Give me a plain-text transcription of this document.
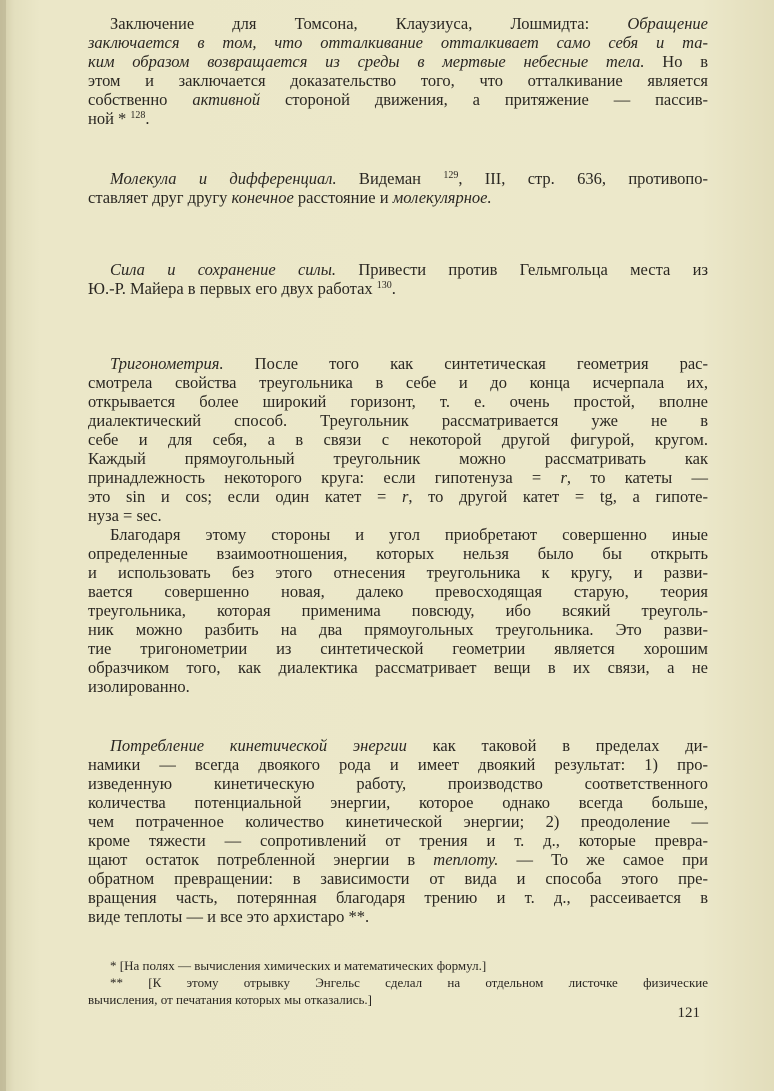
Заключение для Томсона, Клаузиуса, Лошмидта: Обращение
заключается в том, что отталкивание отталкивает само себя и та-
ким образом возвращается из среды в мертвые небесные тела. Но в
этом и заключается доказательство того, что отталкивание является
собственно активной стороной движения, а притяжение — пассив-
ной * $^{128}$.
Молекула и дифференциал. Видеман $^{129}$, III, стр. 636, противопо-
ставляет друг другу конечное расстояние и молекулярное.
Сила и сохранение силы. Привести против Гельмгольца места из
Ю.-Р. Майера в первых его двух работах $^{130}$.
Тригонометрия. После того как синтетическая геометрия рас-
смотрела свойства треугольника в себе и до конца исчерпала их,
открывается более широкий горизонт, т. е. очень простой, вполне
диалектический способ. Треугольник рассматривается уже не в
себе и для себя, а в связи с некоторой другой фигурой, кругом.
Каждый прямоугольный треугольник можно рассматривать как
принадлежность некоторого круга: если гипотенуза = r, то катеты —
это sin и cos; если один катет = r, то другой катет = tg, а гипоте-
нуза = sec.
Благодаря этому стороны и угол приобретают совершенно иные
определенные взаимоотношения, которых нельзя было бы открыть
и использовать без этого отнесения треугольника к кругу, и разви-
вается совершенно новая, далеко превосходящая старую, теория
треугольника, которая применима повсюду, ибо всякий треуголь-
ник можно разбить на два прямоугольных треугольника. Это разви-
тие тригонометрии из синтетической геометрии является хорошим
образчиком того, как диалектика рассматривает вещи в их связи, а не
изолированно.
Потребление кинетической энергии как таковой в пределах ди-
намики — всегда двоякого рода и имеет двоякий результат: 1) про-
изведенную кинетическую работу, производство соответственного
количества потенциальной энергии, которое однако всегда больше,
чем потраченное количество кинетической энергии; 2) преодоление —
кроме тяжести — сопротивлений от трения и т. д., которые превра-
щают остаток потребленной энергии в теплоту. — То же самое при
обратном превращении: в зависимости от вида и способа этого пре-
вращения часть, потерянная благодаря трению и т. д., рассеивается в
виде теплоты — и все это архистаро **.
* [На полях — вычисления химических и математических формул.]
** [К этому отрывку Энгельс сделал на отдельном листочке физические
вычисления, от печатания которых мы отказались.]
121
